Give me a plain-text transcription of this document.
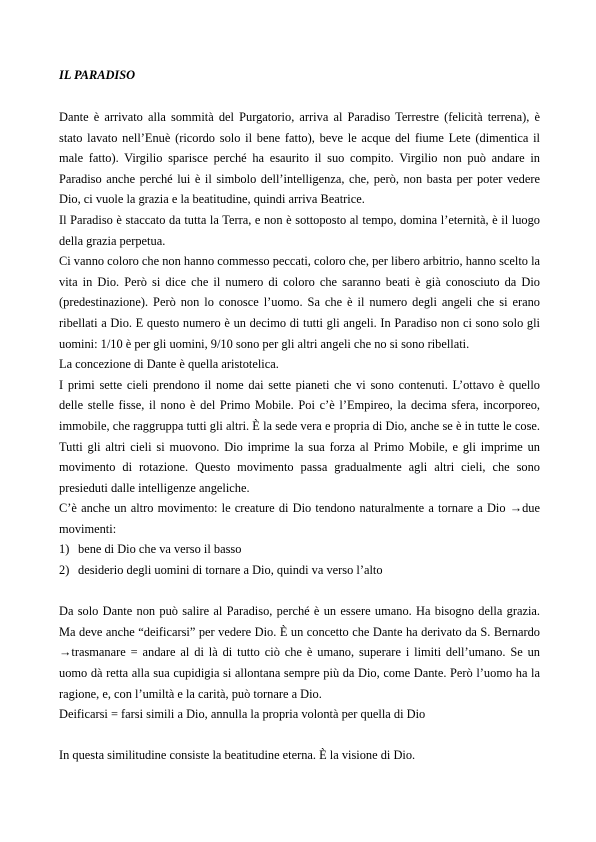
IL PARADISO

Dante è arrivato alla sommità del Purgatorio, arriva al Paradiso Terrestre (felicità terrena), è stato lavato nell’Enuè (ricordo solo il bene fatto), beve le acque del fiume Lete (dimentica il male fatto). Virgilio sparisce perché ha esaurito il suo compito. Virgilio non può andare in Paradiso anche perché lui è il simbolo dell’intelligenza, che, però, non basta per poter vedere Dio, ci vuole la grazia e la beatitudine, quindi arriva Beatrice.

Il Paradiso è staccato da tutta la Terra, e non è sottoposto al tempo, domina l’eternità, è il luogo della grazia perpetua.

Ci vanno coloro che non hanno commesso peccati, coloro che, per libero arbitrio, hanno scelto la vita in Dio. Però si dice che il numero di coloro che saranno beati è già conosciuto da Dio (predestinazione). Però non lo conosce l’uomo. Sa che è il numero degli angeli che si erano ribellati a Dio. E questo numero è un decimo di tutti gli angeli. In Paradiso non ci sono solo gli uomini: 1/10 è per gli uomini, 9/10 sono per gli altri angeli che no si sono ribellati.

La concezione di Dante è quella aristotelica.

I primi sette cieli prendono il nome dai sette pianeti che vi sono contenuti. L’ottavo è quello delle stelle fisse, il nono è del Primo Mobile. Poi c’è l’Empireo, la decima sfera, incorporeo, immobile, che raggruppa tutti gli altri. È la sede vera e propria di Dio, anche se è in tutte le cose. Tutti gli altri cieli si muovono. Dio imprime la sua forza al Primo Mobile, e gli imprime un movimento di rotazione. Questo movimento passa gradualmente agli altri cieli, che sono presieduti dalle intelligenze angeliche.

C’è anche un altro movimento: le creature di Dio tendono naturalmente a tornare a Dio →due movimenti:

1) bene di Dio che va verso il basso
2) desiderio degli uomini di tornare a Dio, quindi va verso l’alto

Da solo Dante non può salire al Paradiso, perché è un essere umano. Ha bisogno della grazia. Ma deve anche “deificarsi” per vedere Dio. È un concetto che Dante ha derivato da S. Bernardo →trasmanare = andare al di là di tutto ciò che è umano, superare i limiti dell’umano. Se un uomo dà retta alla sua cupidigia si allontana sempre più da Dio, come Dante. Però l’uomo ha la ragione, e, con l’umiltà e la carità, può tornare a Dio.

Deificarsi = farsi simili a Dio, annulla la propria volontà per quella di Dio

In questa similitudine consiste la beatitudine eterna. È la visione di Dio.
